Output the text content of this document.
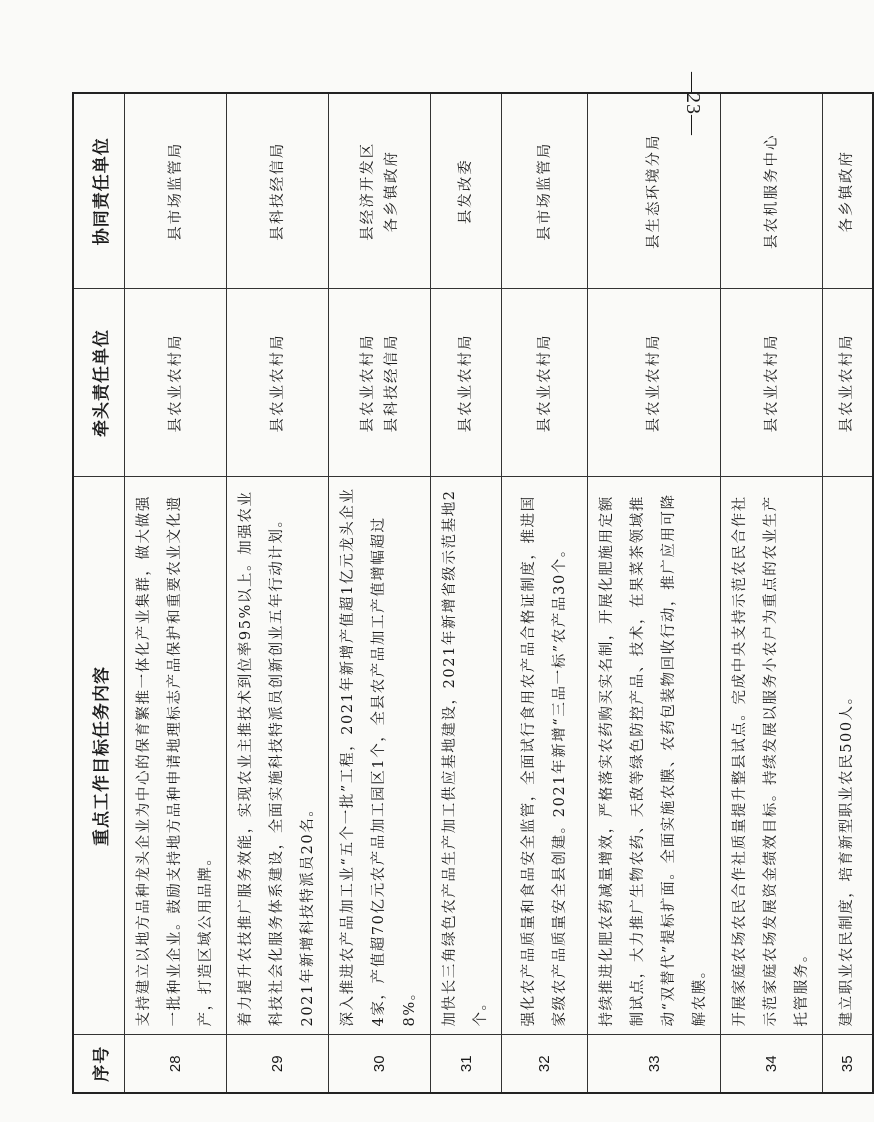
序号	重点工作目标任务内容	牵头责任单位	协同责任单位
28	支持建立以地方品种龙头企业为中心的保育繁推一体化产业集群，做大做强一批种业企业。鼓励支持地方品种申请地理标志产品保护和重要农业文化遗产，打造区域公用品牌。	县农业农村局	县市场监管局

29	着力提升农技推广服务效能，实现农业主推技术到位率95%以上。加强农业科技社会化服务体系建设，全面实施科技特派员创新创业五年行动计划。2021年新增科技特派员20名。	县农业农村局	县科技经信局

30	深入推进农产品加工业“五个一批”工程，2021年新增产值超1亿元龙头企业4家，产值超70亿元农产品加工园区1个，全县农产品加工产值增幅超过8%。	县农业农村局 县科技经信局	县经济开发区 各乡镇政府

31	加快长三角绿色农产品生产加工供应基地建设，2021年新增省级示范基地2个。	县农业农村局	县发改委

32	强化农产品质量和食品安全监管，全面试行食用农产品合格证制度，推进国家级农产品质量安全县创建。2021年新增“三品一标”农产品30个。	县农业农村局	县市场监管局

33	持续推进化肥农药减量增效，严格落实农药购买实名制，开展化肥施用定额制试点，大力推广生物农药、天敌等绿色防控产品、技术，在果菜茶领域推动“双替代”提标扩面。全面实施农膜、农药包装物回收行动，推广应用可降解农膜。	县农业农村局	县生态环境分局

34	开展家庭农场农民合作社质量提升整县试点。完成中央支持示范农民合作社示范家庭农场发展资金绩效目标。持续发展以服务小农户为重点的农业生产托管服务。	县农业农村局	县农机服务中心

35	建立职业农民制度，培育新型职业农民500人。	县农业农村局	各乡镇政府
—23—
